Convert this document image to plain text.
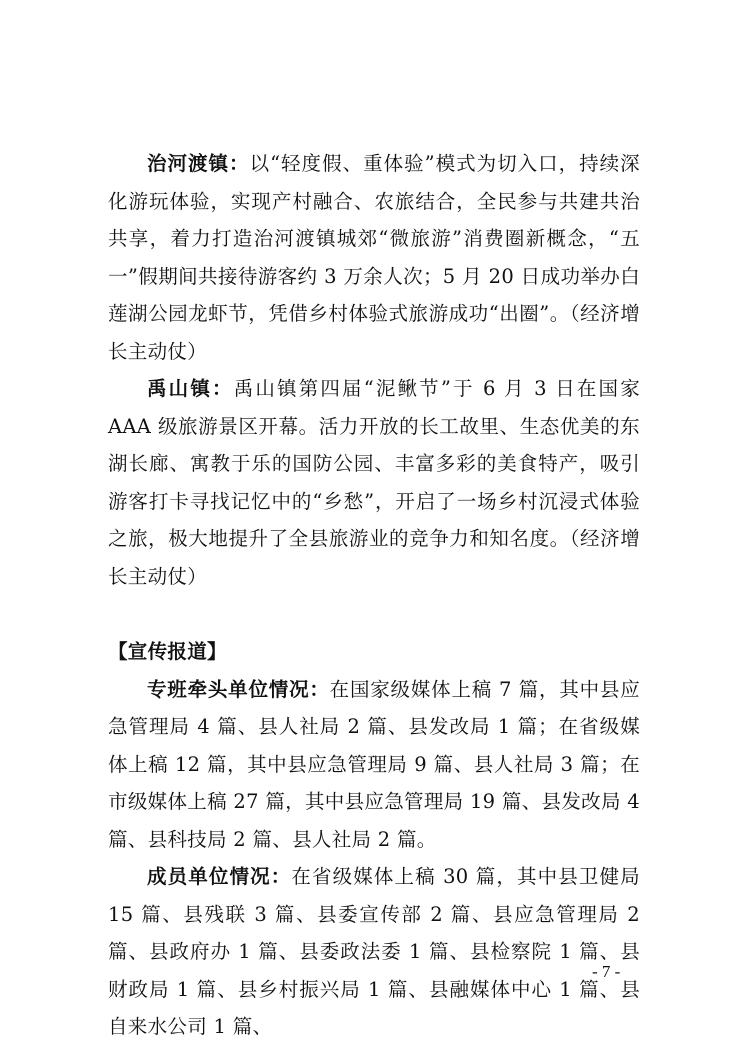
治河渡镇：以“轻度假、重体验”模式为切入口，持续深化游玩体验，实现产村融合、农旅结合，全民参与共建共治共享，着力打造治河渡镇城郊“微旅游”消费圈新概念，“五一”假期间共接待游客约 3 万余人次；5 月 20 日成功举办白莲湖公园龙虾节，凭借乡村体验式旅游成功“出圈”。（经济增长主动仗）

禹山镇：禹山镇第四届“泥鳅节”于 6 月 3 日在国家 AAA 级旅游景区开幕。活力开放的长工故里、生态优美的东湖长廊、寓教于乐的国防公园、丰富多彩的美食特产，吸引游客打卡寻找记忆中的“乡愁”，开启了一场乡村沉浸式体验之旅，极大地提升了全县旅游业的竞争力和知名度。（经济增长主动仗）

【宣传报道】

专班牵头单位情况：在国家级媒体上稿 7 篇，其中县应急管理局 4 篇、县人社局 2 篇、县发改局 1 篇；在省级媒体上稿 12 篇，其中县应急管理局 9 篇、县人社局 3 篇；在市级媒体上稿 27 篇，其中县应急管理局 19 篇、县发改局 4 篇、县科技局 2 篇、县人社局 2 篇。

成员单位情况：在省级媒体上稿 30 篇，其中县卫健局 15 篇、县残联 3 篇、县委宣传部 2 篇、县应急管理局 2 篇、县政府办 1 篇、县委政法委 1 篇、县检察院 1 篇、县财政局 1 篇、县乡村振兴局 1 篇、县融媒体中心 1 篇、县自来水公司 1 篇、

- 7 -
